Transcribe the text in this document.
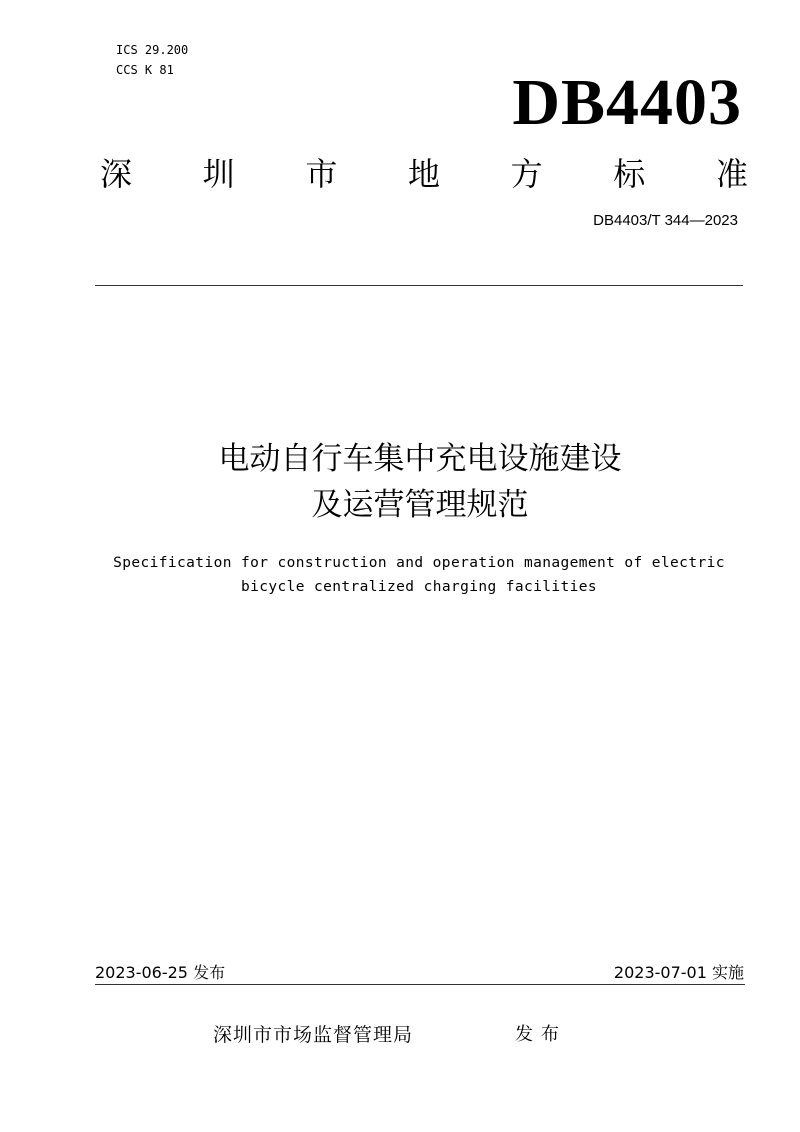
ICS 29.200
CCS K 81	DB4403
深 圳 市 地 方 标 准
DB4403/T 344—2023
电动自行车集中充电设施建设
及运营管理规范
Specification for construction and operation management of electric
bicycle centralized charging facilities
2023-06-25 发布	2023-07-01 实施
深圳市市场监督管理局	发布
